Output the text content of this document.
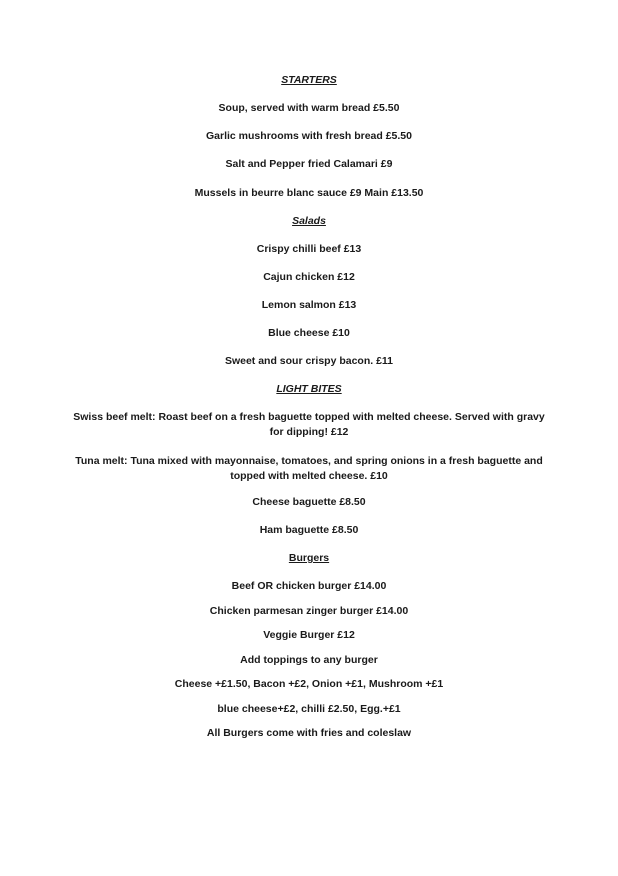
STARTERS
Soup, served with warm bread £5.50
Garlic mushrooms with fresh bread £5.50
Salt and Pepper fried Calamari £9
Mussels in beurre blanc sauce £9 Main £13.50
Salads
Crispy chilli beef £13
Cajun chicken £12
Lemon salmon £13
Blue cheese £10
Sweet and sour crispy bacon. £11
LIGHT BITES
Swiss beef melt: Roast beef on a fresh baguette topped with melted cheese. Served with gravy for dipping! £12
Tuna melt: Tuna mixed with mayonnaise, tomatoes, and spring onions in a fresh baguette and topped with melted cheese. £10
Cheese baguette £8.50
Ham baguette £8.50
Burgers
Beef OR chicken burger £14.00
Chicken parmesan zinger burger £14.00
Veggie Burger £12
Add toppings to any burger
Cheese +£1.50, Bacon +£2, Onion +£1, Mushroom +£1
blue cheese+£2, chilli £2.50, Egg.+£1
All Burgers come with fries and coleslaw
